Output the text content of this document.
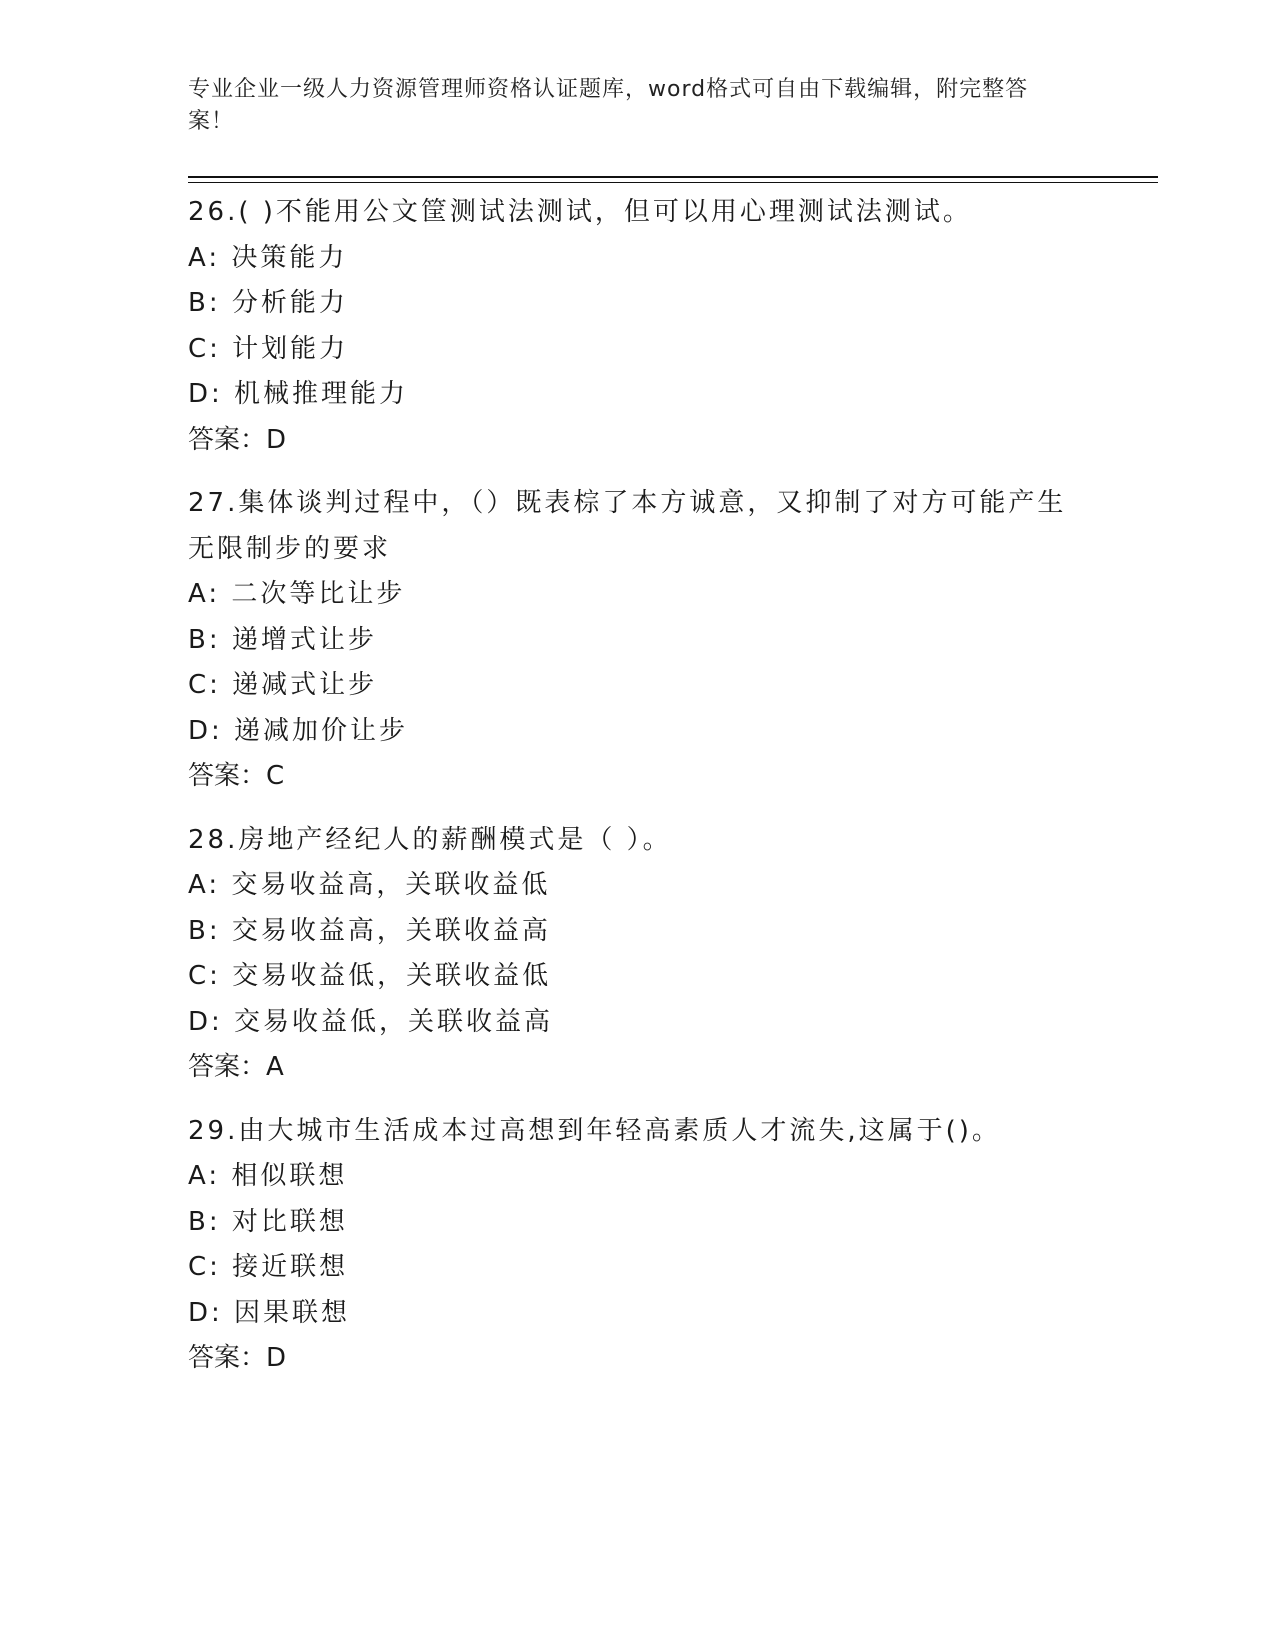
专业企业一级人力资源管理师资格认证题库，word格式可自由下载编辑，附完整答案！
26.( )不能用公文筐测试法测试，但可以用心理测试法测试。
A: 决策能力
B: 分析能力
C: 计划能力
D: 机械推理能力
答案：D
27.集体谈判过程中，（）既表棕了本方诚意，又抑制了对方可能产生无限制步的要求
A: 二次等比让步
B: 递增式让步
C: 递减式让步
D: 递减加价让步
答案：C
28.房地产经纪人的薪酬模式是（ ）。
A: 交易收益高，关联收益低
B: 交易收益高，关联收益高
C: 交易收益低，关联收益低
D: 交易收益低，关联收益高
答案：A
29.由大城市生活成本过高想到年轻高素质人才流失,这属于()。
A: 相似联想
B: 对比联想
C: 接近联想
D: 因果联想
答案：D
